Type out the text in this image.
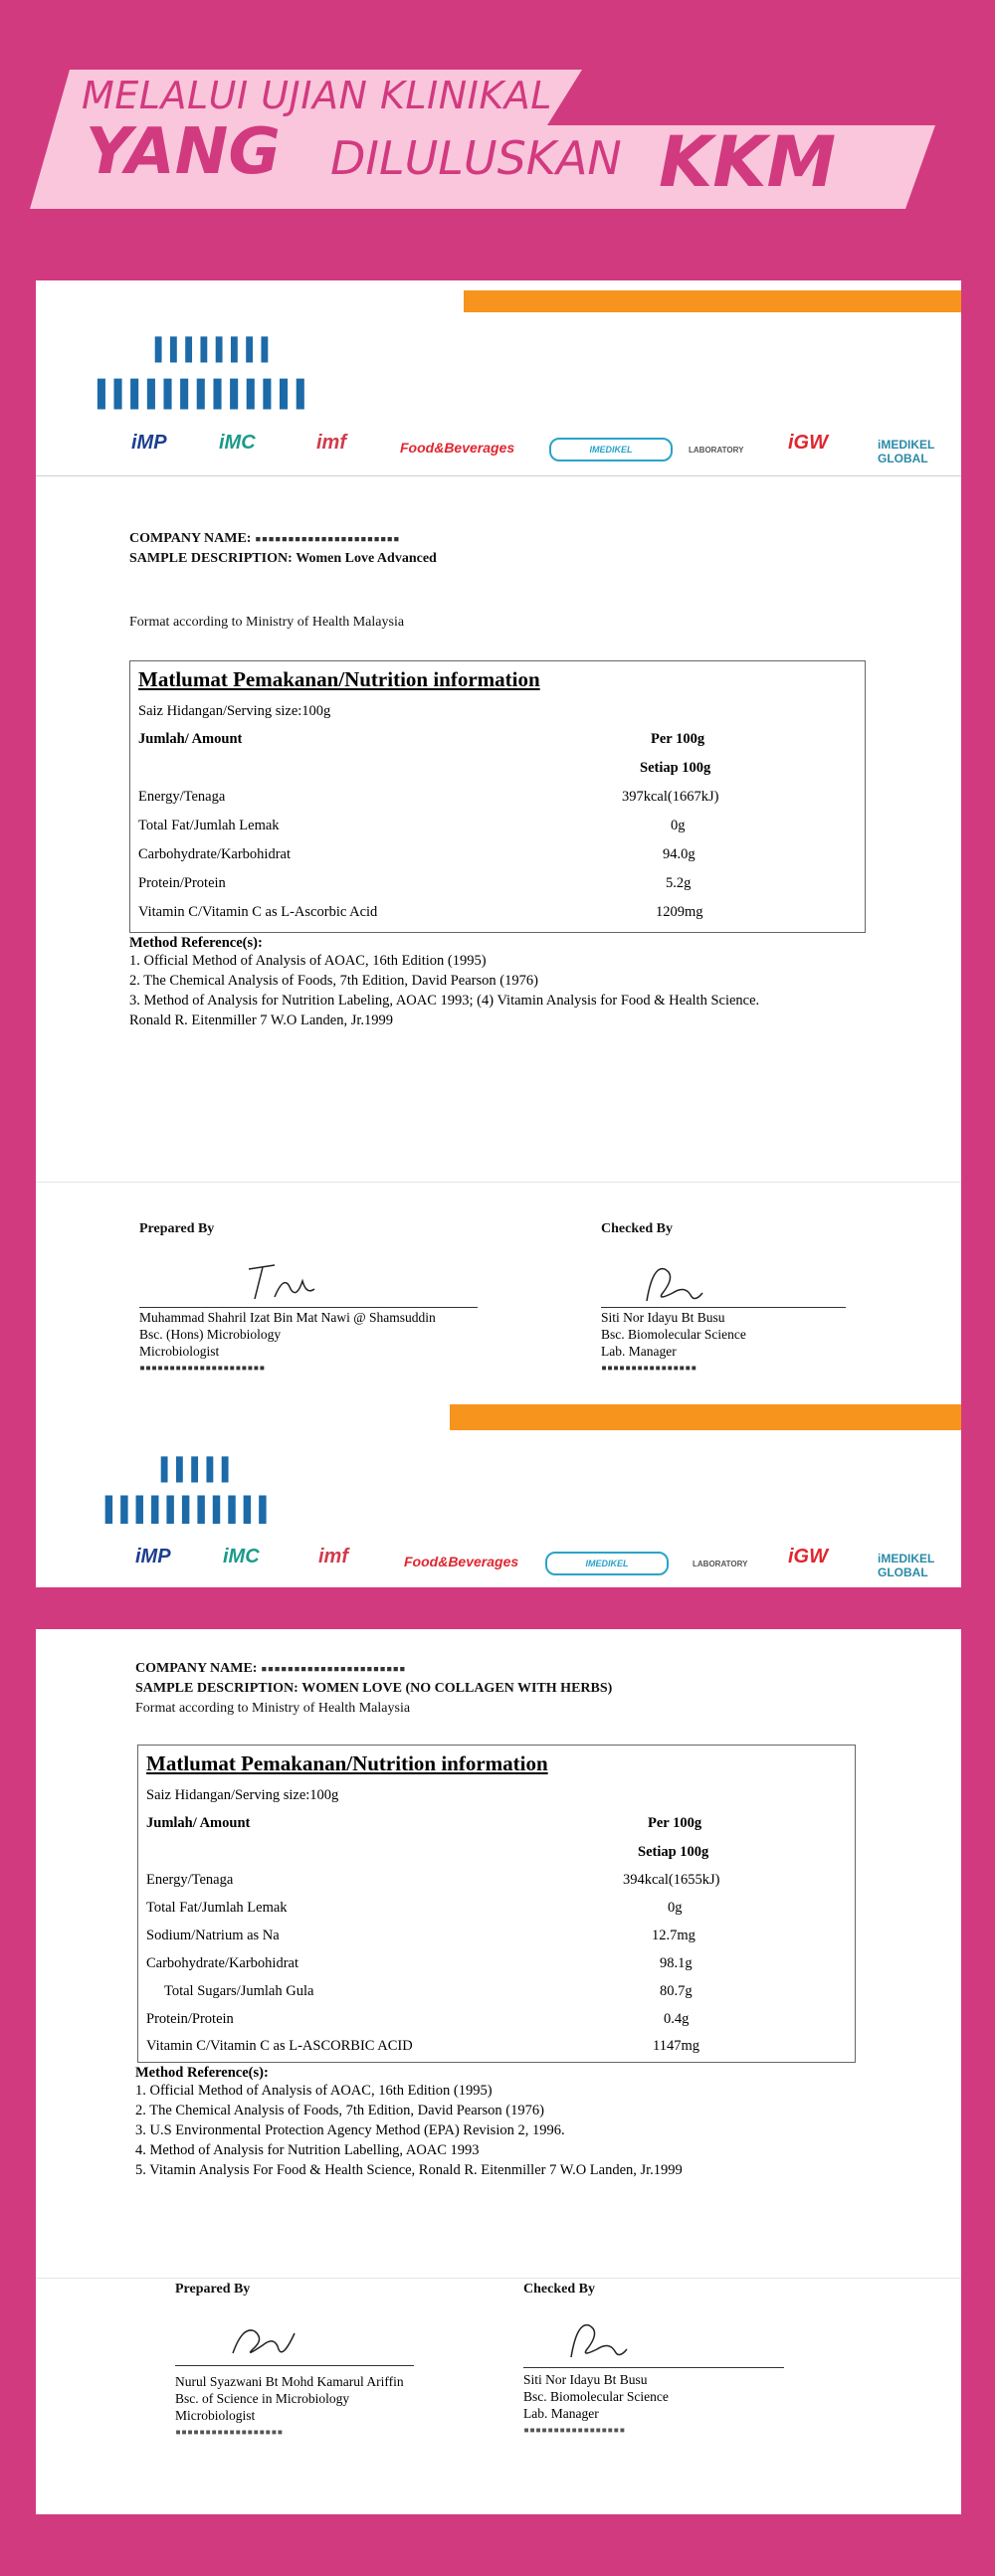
MELALUI UJIAN KLINIKAL
YANG DILULUSKAN KKM
▌▌▌▌▌▌▌▌
▌▌▌▌▌▌▌▌▌▌▌▌▌
iMP	iMC	imf	Food&Beverages	IMEDIKEL	LABORATORY iGW	iMEDIKEL GLOBAL
COMPANY NAME: ▪▪▪▪▪▪▪▪▪▪▪▪▪▪▪▪▪▪▪▪▪▪
SAMPLE DESCRIPTION: Women Love Advanced
Format according to Ministry of Health Malaysia
Matlumat Pemakanan/Nutrition information
Saiz Hidangan/Serving size:100g
Jumlah/ Amount	Per 100g
Setiap 100g
Energy/Tenaga	397kcal(1667kJ)
Total Fat/Jumlah Lemak	0g
Carbohydrate/Karbohidrat	94.0g
Protein/Protein	5.2g
Vitamin C/Vitamin C as L-Ascorbic Acid	1209mg
Method Reference(s):
1. Official Method of Analysis of AOAC, 16th Edition (1995)
2. The Chemical Analysis of Foods, 7th Edition, David Pearson (1976)
3. Method of Analysis for Nutrition Labeling, AOAC 1993; (4) Vitamin Analysis for Food & Health Science.
Ronald R. Eitenmiller 7 W.O Landen, Jr.1999
Prepared By	Checked By
Muhammad Shahril Izat Bin Mat Nawi @ Shamsuddin
Bsc. (Hons) Microbiology
Microbiologist
▪▪▪▪▪▪▪▪▪▪▪▪▪▪▪▪▪▪▪▪▪
Siti Nor Idayu Bt Busu
Bsc. Biomolecular Science
Lab. Manager
▪▪▪▪▪▪▪▪▪▪▪▪▪▪▪▪
▌▌▌▌▌
▌▌▌▌▌▌▌▌▌▌▌
iMP	iMC	imf	Food&Beverages	IMEDIKEL	LABORATORY iGW	iMEDIKEL GLOBAL
COMPANY NAME: ▪▪▪▪▪▪▪▪▪▪▪▪▪▪▪▪▪▪▪▪▪▪
SAMPLE DESCRIPTION: WOMEN LOVE (NO COLLAGEN WITH HERBS)
Format according to Ministry of Health Malaysia
Matlumat Pemakanan/Nutrition information
Saiz Hidangan/Serving size:100g
Jumlah/ Amount	Per 100g
Setiap 100g
Energy/Tenaga	394kcal(1655kJ)
Total Fat/Jumlah Lemak	0g
Sodium/Natrium as Na	12.7mg
Carbohydrate/Karbohidrat	98.1g
Total Sugars/Jumlah Gula	80.7g
Protein/Protein	0.4g
Vitamin C/Vitamin C as L-ASCORBIC ACID	1147mg
Method Reference(s):
1. Official Method of Analysis of AOAC, 16th Edition (1995)
2. The Chemical Analysis of Foods, 7th Edition, David Pearson (1976)
3. U.S Environmental Protection Agency Method (EPA) Revision 2, 1996.
4. Method of Analysis for Nutrition Labelling, AOAC 1993
5. Vitamin Analysis For Food & Health Science, Ronald R. Eitenmiller 7 W.O Landen, Jr.1999
Prepared By	Checked By
Nurul Syazwani Bt Mohd Kamarul Ariffin
Bsc. of Science in Microbiology
Microbiologist
▪▪▪▪▪▪▪▪▪▪▪▪▪▪▪▪▪▪
Siti Nor Idayu Bt Busu
Bsc. Biomolecular Science
Lab. Manager
▪▪▪▪▪▪▪▪▪▪▪▪▪▪▪▪▪
